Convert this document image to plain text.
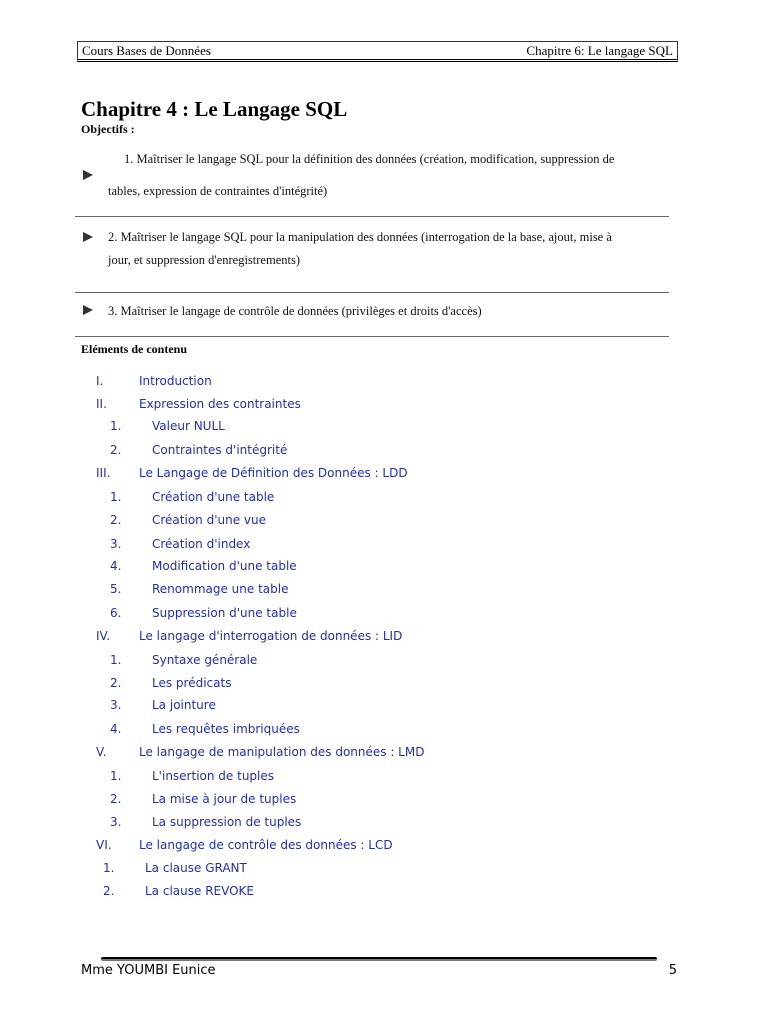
Cours Bases de Données	Chapitre 6: Le langage SQL
Chapitre 4 : Le Langage SQL
Objectifs :
1. Maîtriser le langage SQL pour la définition des données (création, modification, suppression de
tables, expression de contraintes d'intégrité)
2. Maîtriser le langage SQL pour la manipulation des données (interrogation de la base, ajout, mise à
jour, et suppression d'enregistrements)
3. Maîtriser le langage de contrôle de données (privilèges et droits d'accès)
Eléments de contenu
I.	Introduction
II.	Expression des contraintes
1.	Valeur NULL
2.	Contraintes d'intégrité
III. Le Langage de Définition des Données : LDD
1.	Création d'une table
2.	Création d'une vue
3.	Création d'index
4.	Modification d'une table
5.	Renommage une table
6.	Suppression d'une table
IV. Le langage d'interrogation de données : LID
1.	Syntaxe générale
2.	Les prédicats
3.	La jointure
4.	Les requêtes imbriquées
V.	Le langage de manipulation des données : LMD
1.	L'insertion de tuples
2.	La mise à jour de tuples
3.	La suppression de tuples
VI. Le langage de contrôle des données : LCD
1.	La clause GRANT
2.	La clause REVOKE
Mme YOUMBI Eunice	5
